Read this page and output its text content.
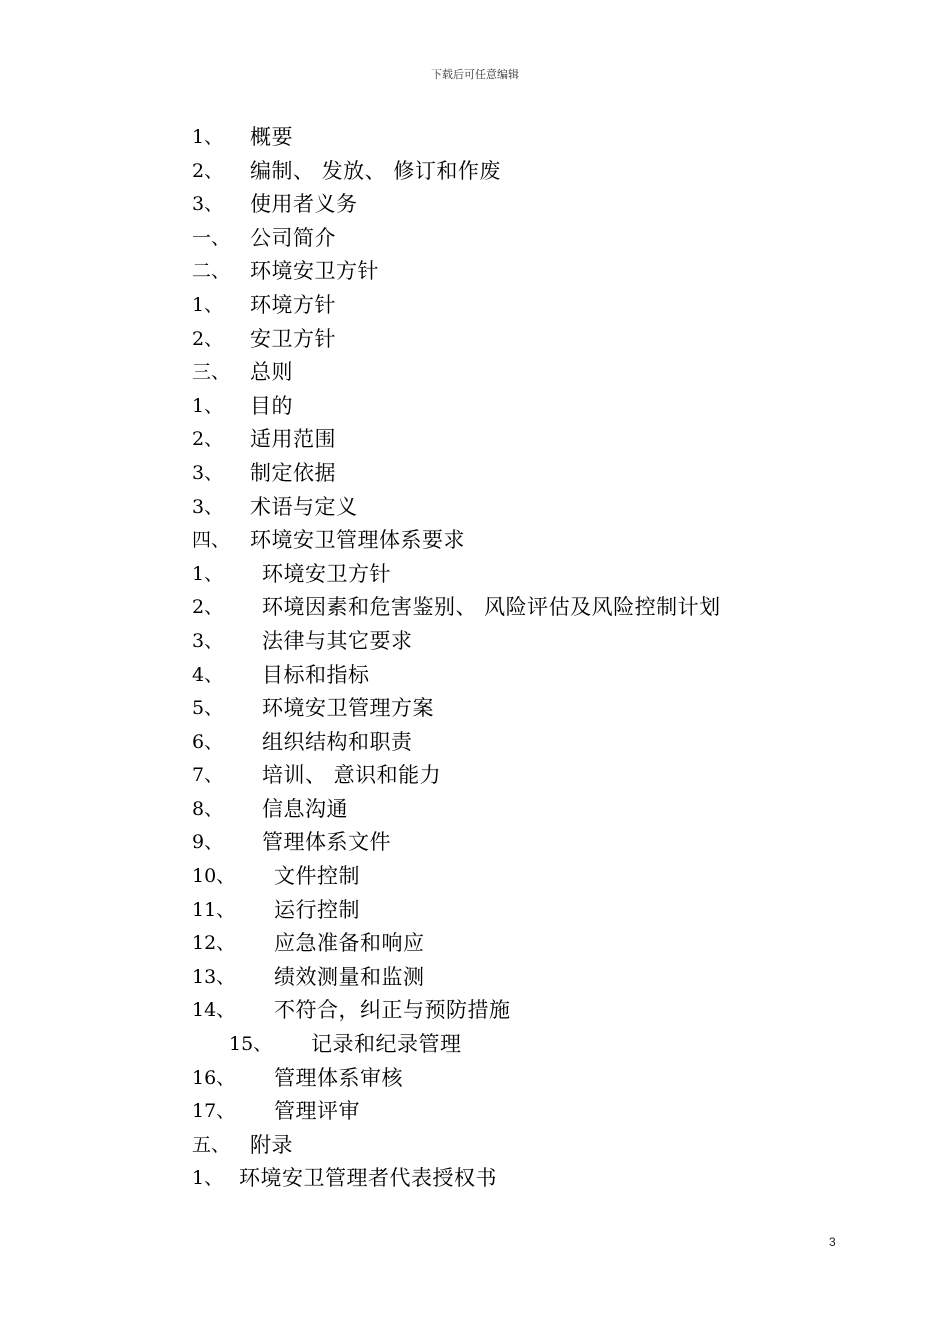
下载后可任意编辑
1、 概要
2、 编制、 发放、 修订和作废
3、 使用者义务
一、 公司简介
二、 环境安卫方针
1、 环境方针
2、 安卫方针
三、 总则
1、 目的
2、 适用范围
3、 制定依据
3、 术语与定义
四、 环境安卫管理体系要求
1、 环境安卫方针
2、 环境因素和危害鉴别、 风险评估及风险控制计划
3、 法律与其它要求
4、 目标和指标
5、 环境安卫管理方案
6、 组织结构和职责
7、 培训、 意识和能力
8、 信息沟通
9、 管理体系文件
10、 文件控制
11、 运行控制
12、 应急准备和响应
13、 绩效测量和监测
14、 不符合，纠正与预防措施
15、 记录和纪录管理
16、 管理体系审核
17、 管理评审
五、 附录
1、 环境安卫管理者代表授权书
3
